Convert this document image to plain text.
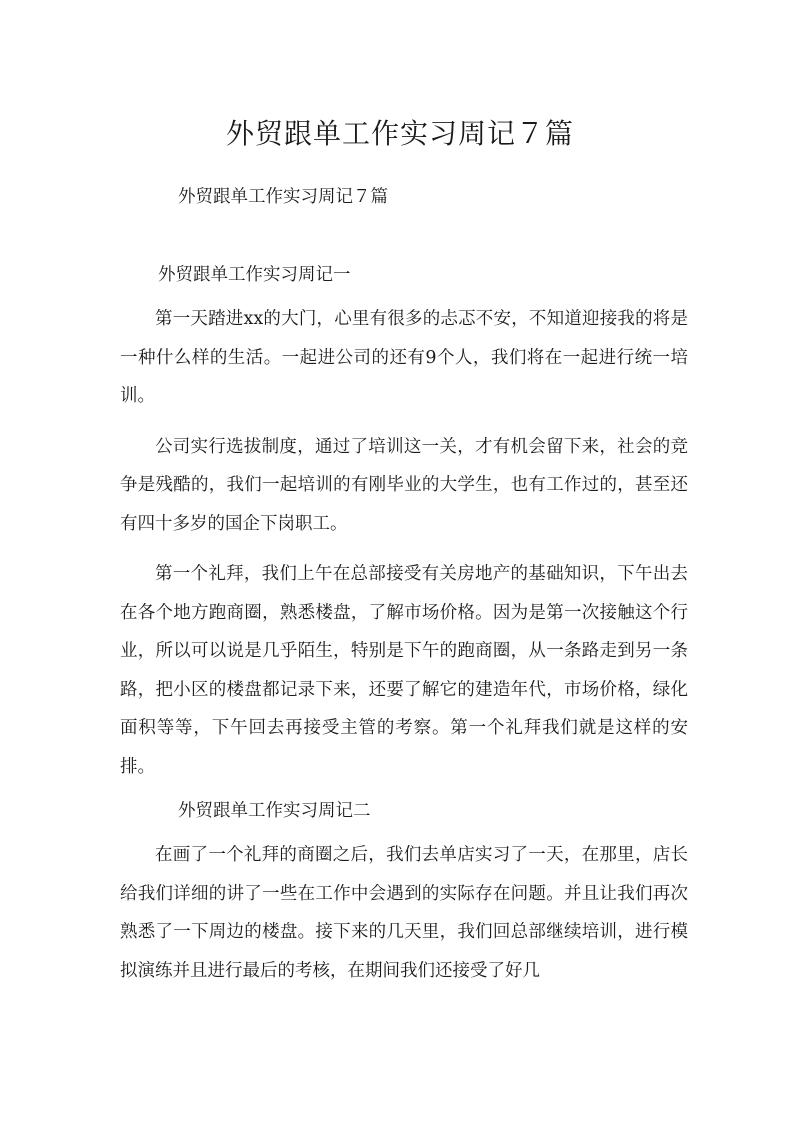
外贸跟单工作实习周记７篇
外贸跟单工作实习周记７篇
外贸跟单工作实习周记一

第一天踏进xx的大门，心里有很多的忐忑不安，不知道迎接我的将是一种什么样的生活。一起进公司的还有9个人，我们将在一起进行统一培训。

公司实行选拔制度，通过了培训这一关，才有机会留下来，社会的竞争是残酷的，我们一起培训的有刚毕业的大学生，也有工作过的，甚至还有四十多岁的国企下岗职工。

第一个礼拜，我们上午在总部接受有关房地产的基础知识，下午出去在各个地方跑商圈，熟悉楼盘，了解市场价格。因为是第一次接触这个行业，所以可以说是几乎陌生，特别是下午的跑商圈，从一条路走到另一条路，把小区的楼盘都记录下来，还要了解它的建造年代，市场价格，绿化面积等等，下午回去再接受主管的考察。第一个礼拜我们就是这样的安排。

外贸跟单工作实习周记二

在画了一个礼拜的商圈之后，我们去单店实习了一天，在那里，店长给我们详细的讲了一些在工作中会遇到的实际存在问题。并且让我们再次熟悉了一下周边的楼盘。接下来的几天里，我们回总部继续培训，进行模拟演练并且进行最后的考核，在期间我们还接受了好几
